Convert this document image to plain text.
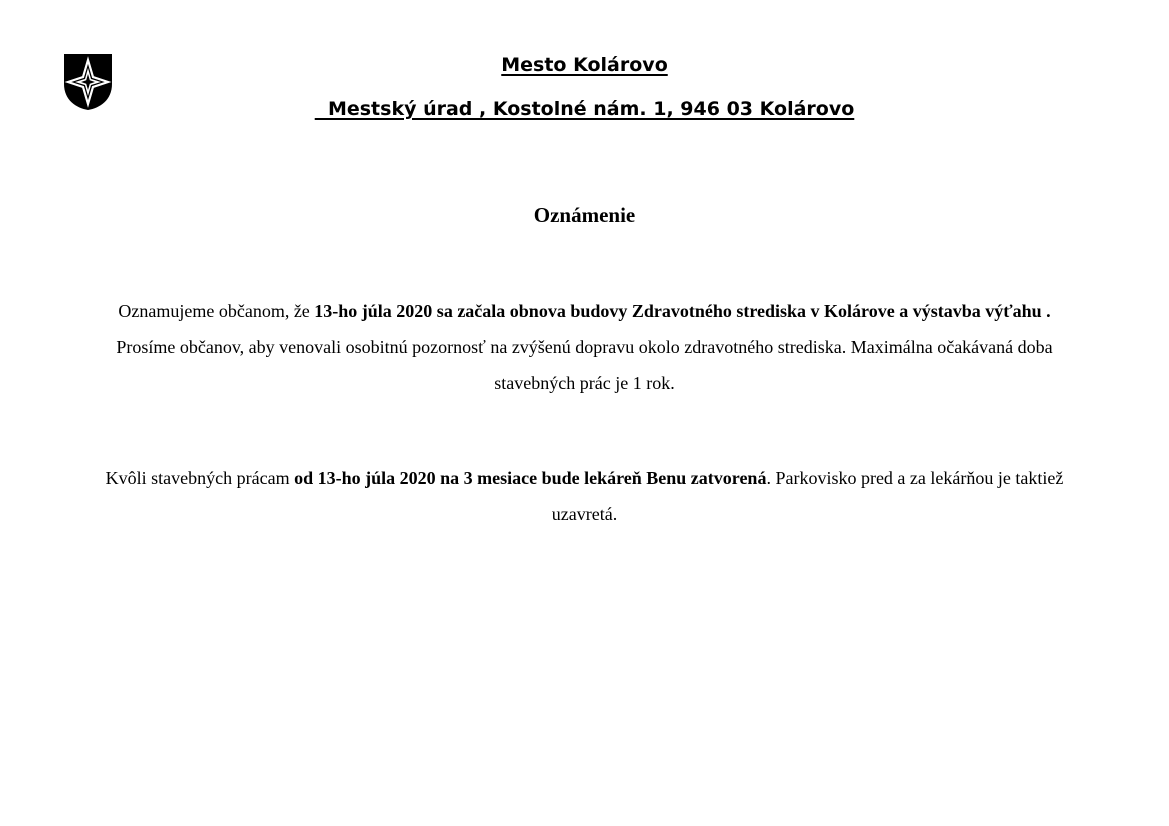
Mesto Kolárovo
Mestský úrad , Kostolné nám. 1, 946 03 Kolárovo
Oznámenie
Oznamujeme občanom, že 13-ho júla 2020 sa začala obnova budovy Zdravotného strediska v Kolárove a výstavba výťahu . Prosíme občanov, aby venovali osobitnú pozornosť na zvýšenú dopravu okolo zdravotného strediska. Maximálna očakávaná doba stavebných prác je 1 rok.
Kvôli stavebných prácam od 13-ho júla 2020 na 3 mesiace bude lekáreň Benu zatvorená. Parkovisko pred a za lekárňou je taktiež uzavretá.
